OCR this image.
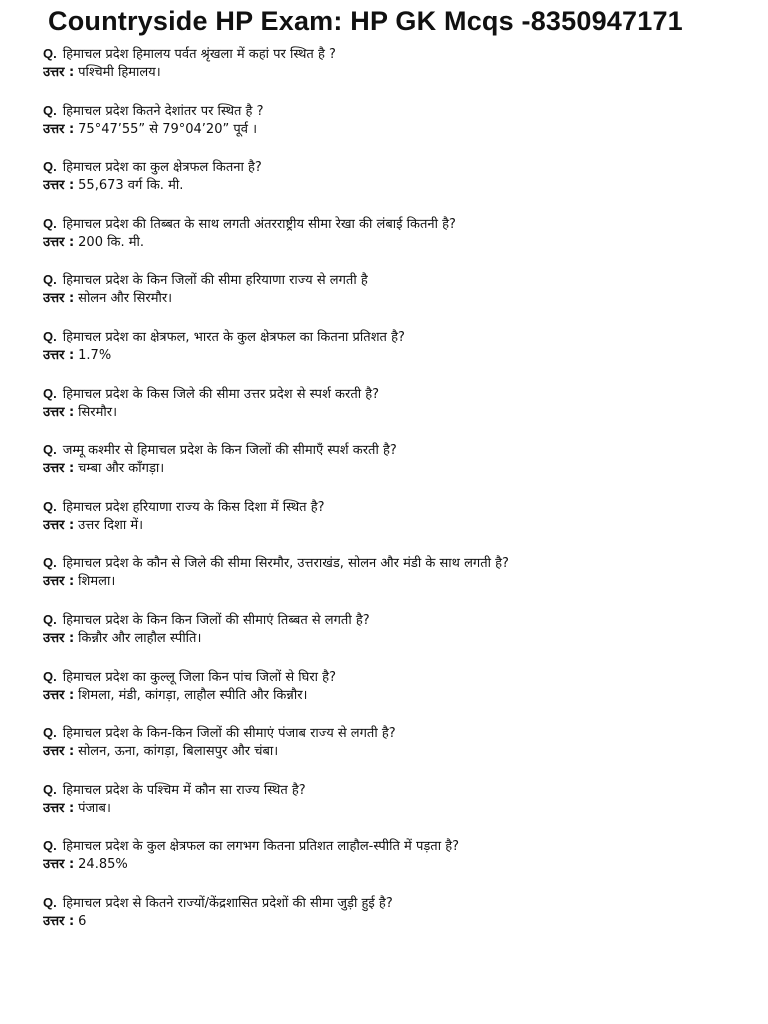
Countryside HP Exam: HP GK Mcqs -8350947171
Q. हिमाचल प्रदेश हिमालय पर्वत श्रृंखला में कहां पर स्थित है ?
उत्तर : पश्चिमी हिमालय।
Q. हिमाचल प्रदेश कितने देशांतर पर स्थित है ?
उत्तर : 75°47’55” से 79°04’20” पूर्व ।
Q. हिमाचल प्रदेश का कुल क्षेत्रफल कितना है?
उत्तर : 55,673 वर्ग कि. मी.
Q. हिमाचल प्रदेश की तिब्बत के साथ लगती अंतरराष्ट्रीय सीमा रेखा की लंबाई कितनी है?
उत्तर : 200 कि. मी.
Q. हिमाचल प्रदेश के किन जिलों की सीमा हरियाणा राज्य से लगती है
उत्तर : सोलन और सिरमौर।
Q. हिमाचल प्रदेश का क्षेत्रफल, भारत के कुल क्षेत्रफल का कितना प्रतिशत है?
उत्तर : 1.7%
Q. हिमाचल प्रदेश के किस जिले की सीमा उत्तर प्रदेश से स्पर्श करती है?
उत्तर : सिरमौर।
Q. जम्मू कश्मीर से हिमाचल प्रदेश के किन जिलों की सीमाएँ स्पर्श करती है?
उत्तर : चम्बा और काँगड़ा।
Q. हिमाचल प्रदेश हरियाणा राज्य के किस दिशा में स्थित है?
उत्तर : उत्तर दिशा में।
Q. हिमाचल प्रदेश के कौन से जिले की सीमा सिरमौर, उत्तराखंड, सोलन और मंडी के साथ लगती है?
उत्तर : शिमला।
Q. हिमाचल प्रदेश के किन किन जिलों की सीमाएं तिब्बत से लगती है?
उत्तर : किन्नौर और लाहौल स्पीति।
Q. हिमाचल प्रदेश का कुल्लू जिला किन पांच जिलों से घिरा है?
उत्तर : शिमला, मंडी, कांगड़ा, लाहौल स्पीति और किन्नौर।
Q. हिमाचल प्रदेश के किन-किन जिलों की सीमाएं पंजाब राज्य से लगती है?
उत्तर : सोलन, ऊना, कांगड़ा, बिलासपुर और चंबा।
Q. हिमाचल प्रदेश के पश्चिम में कौन सा राज्य स्थित है?
उत्तर : पंजाब।
Q. हिमाचल प्रदेश के कुल क्षेत्रफल का लगभग कितना प्रतिशत लाहौल-स्पीति में पड़ता है?
उत्तर : 24.85%
Q. हिमाचल प्रदेश से कितने राज्यों/केंद्रशासित प्रदेशों की सीमा जुड़ी हुई है?
उत्तर : 6
